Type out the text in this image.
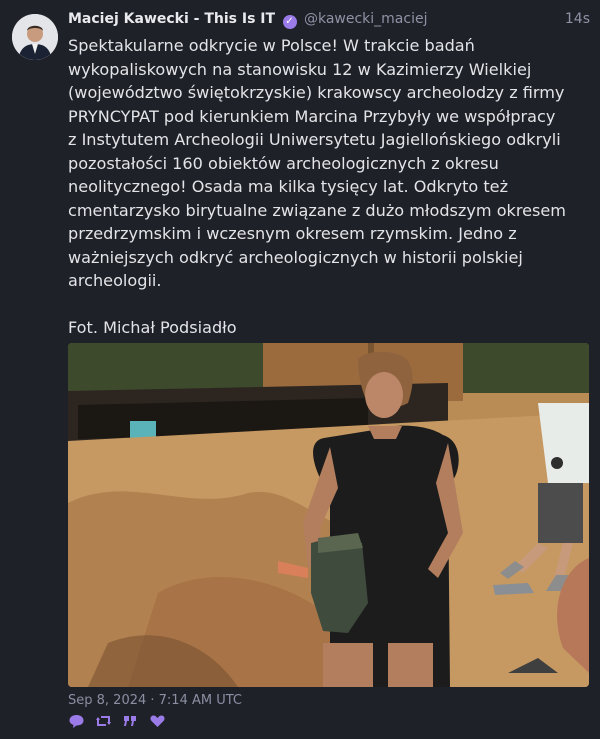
Maciej Kawecki - This Is IT ✓ @kawecki_maciej	14s

Spektakularne odkrycie w Polsce! W trakcie badań

wykopaliskowych na stanowisku 12 w Kazimierzy Wielkiej

(województwo świętokrzyskie) krakowscy archeolodzy z firmy

PRYNCYPAT pod kierunkiem Marcina Przybyły we współpracy

z Instytutem Archeologii Uniwersytetu Jagiellońskiego odkryli

pozostałości 160 obiektów archeologicznych z okresu

neolitycznego! Osada ma kilka tysięcy lat. Odkryto też

cmentarzysko birytualne związane z dużo młodszym okresem

przedrzymskim i wczesnym okresem rzymskim. Jedno z

ważniejszych odkryć archeologicznych w historii polskiej

archeologii.

Fot. Michał Podsiadło

Sep 8, 2024 · 7:14 AM UTC
